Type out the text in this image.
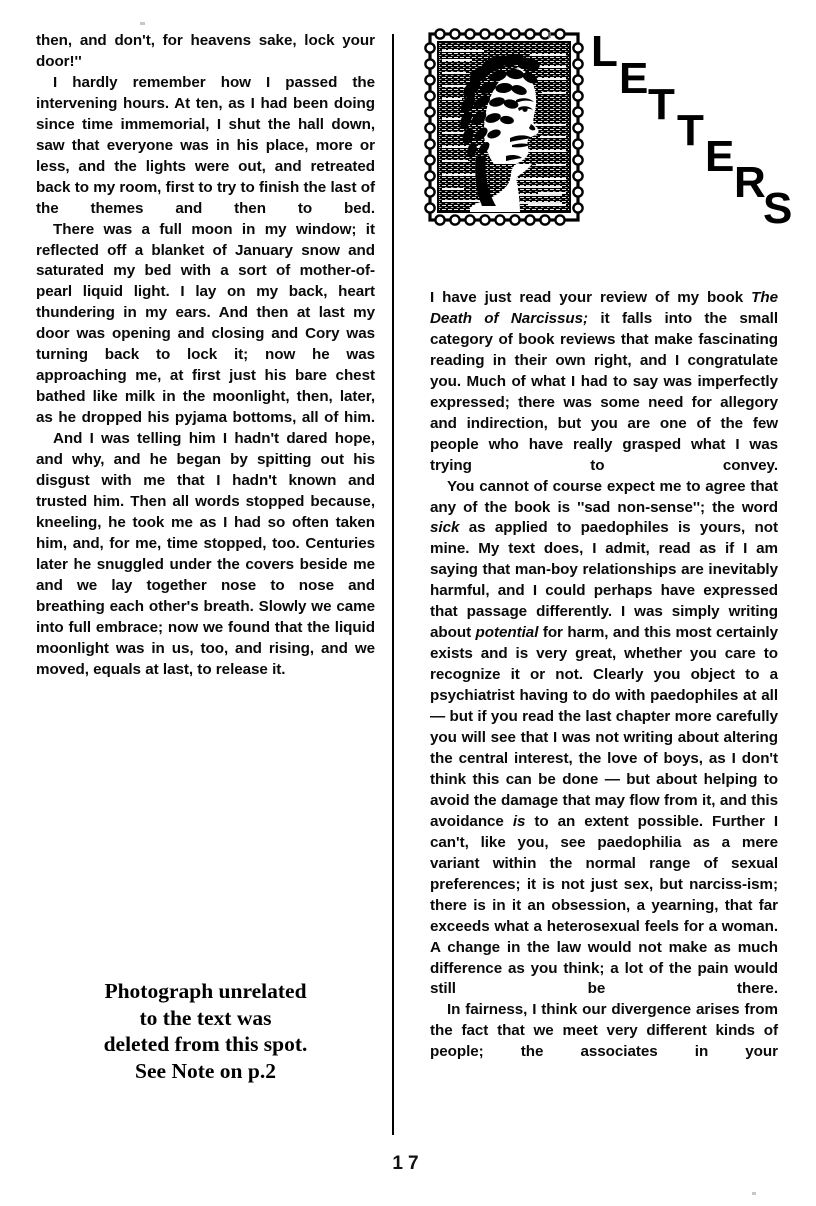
then, and don't, for heavens sake, lock your door!''

I hardly remember how I passed the intervening hours. At ten, as I had been doing since time immemorial, I shut the hall down, saw that everyone was in his place, more or less, and the lights were out, and retreated back to my room, first to try to finish the last of the themes and then to bed.

There was a full moon in my window; it reflected off a blanket of January snow and saturated my bed with a sort of mother-of-pearl liquid light. I lay on my back, heart thundering in my ears. And then at last my door was opening and closing and Cory was turning back to lock it; now he was approaching me, at first just his bare chest bathed like milk in the moonlight, then, later, as he dropped his pyjama bottoms, all of him.

And I was telling him I hadn't dared hope, and why, and he began by spitting out his disgust with me that I hadn't known and trusted him. Then all words stopped because, kneeling, he took me as I had so often taken him, and, for me, time stopped, too. Centuries later he snuggled under the covers beside me and we lay together nose to nose and breathing each other's breath. Slowly we came into full embrace; now we found that the liquid moonlight was in us, too, and rising, and we moved, equals at last, to release it.

Photograph unrelated
to the text was
deleted from this spot.
See Note on p.2
L
E
T
T
E
R
S

I have just read your review of my book The Death of Narcissus; it falls into the small category of book reviews that make fascinating reading in their own right, and I congratulate you. Much of what I had to say was imperfectly expressed; there was some need for allegory and indirection, but you are one of the few people who have really grasped what I was trying to convey.

You cannot of course expect me to agree that any of the book is ''sad non-sense''; the word sick as applied to paedophiles is yours, not mine. My text does, I admit, read as if I am saying that man-boy relationships are inevitably harmful, and I could perhaps have expressed that passage differently. I was simply writing about potential for harm, and this most certainly exists and is very great, whether you care to recognize it or not. Clearly you object to a psychiatrist having to do with paedophiles at all — but if you read the last chapter more carefully you will see that I was not writing about altering the central interest, the love of boys, as I don't think this can be done — but about helping to avoid the damage that may flow from it, and this avoidance is to an extent possible. Further I can't, like you, see paedophilia as a mere variant within the normal range of sexual preferences; it is not just sex, but narciss-ism; there is in it an obsession, a yearning, that far exceeds what a heterosexual feels for a woman. A change in the law would not make as much difference as you think; a lot of the pain would still be there.

In fairness, I think our divergence arises from the fact that we meet very different kinds of people; the associates in your

17
